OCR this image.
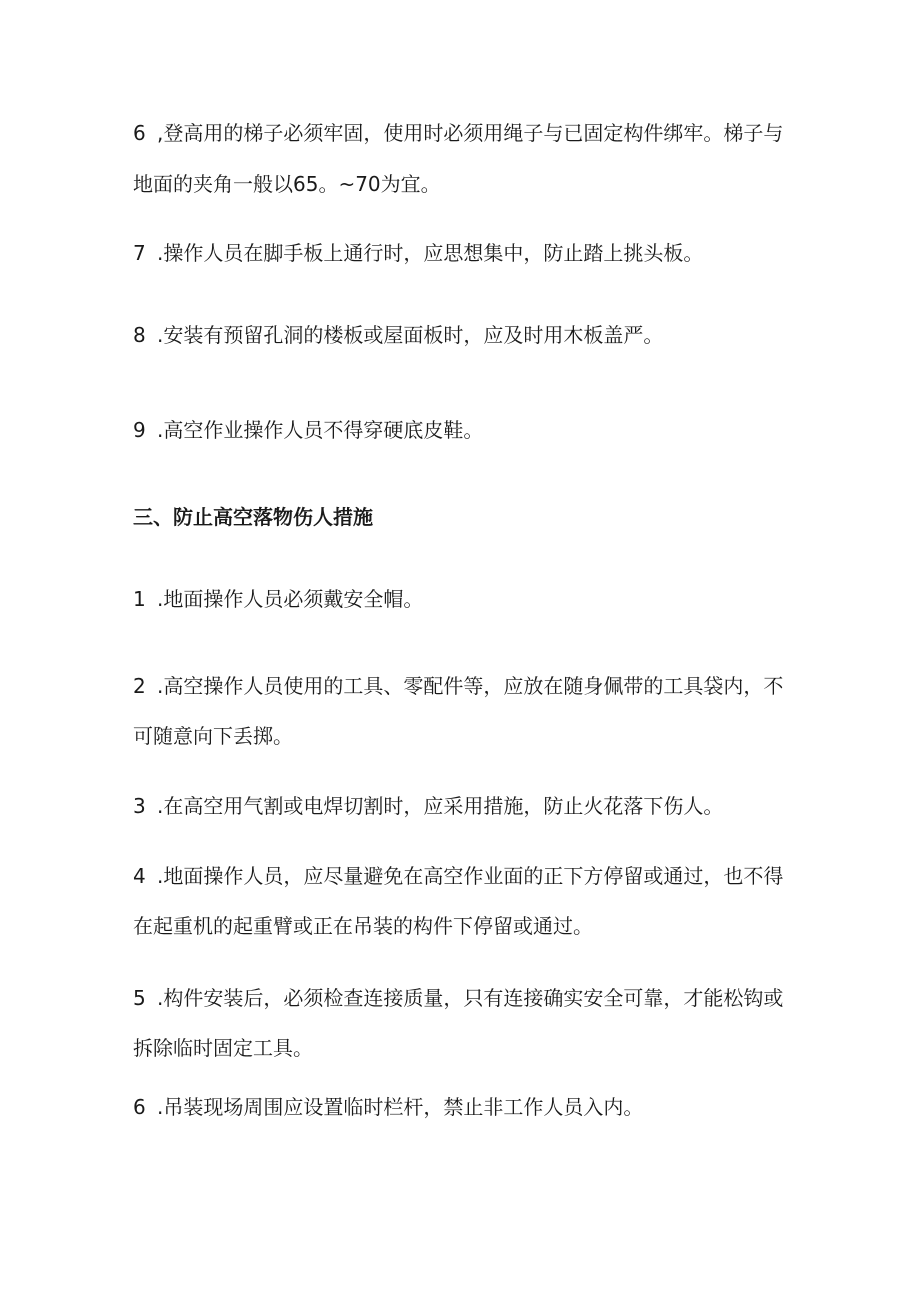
6 ,登高用的梯子必须牢固，使用时必须用绳子与已固定构件绑牢。梯子与
地面的夹角一般以65。~70为宜。
7 .操作人员在脚手板上通行时，应思想集中，防止踏上挑头板。
8 .安装有预留孔洞的楼板或屋面板时，应及时用木板盖严。
9 .高空作业操作人员不得穿硬底皮鞋。
三、防止高空落物伤人措施
1 .地面操作人员必须戴安全帽。
2 .高空操作人员使用的工具、零配件等，应放在随身佩带的工具袋内，不
可随意向下丢掷。
3 .在高空用气割或电焊切割时，应采用措施，防止火花落下伤人。
4 .地面操作人员，应尽量避免在高空作业面的正下方停留或通过，也不得
在起重机的起重臂或正在吊装的构件下停留或通过。
5 .构件安装后，必须检查连接质量，只有连接确实安全可靠，才能松钩或
拆除临时固定工具。
6 .吊装现场周围应设置临时栏杆，禁止非工作人员入内。
